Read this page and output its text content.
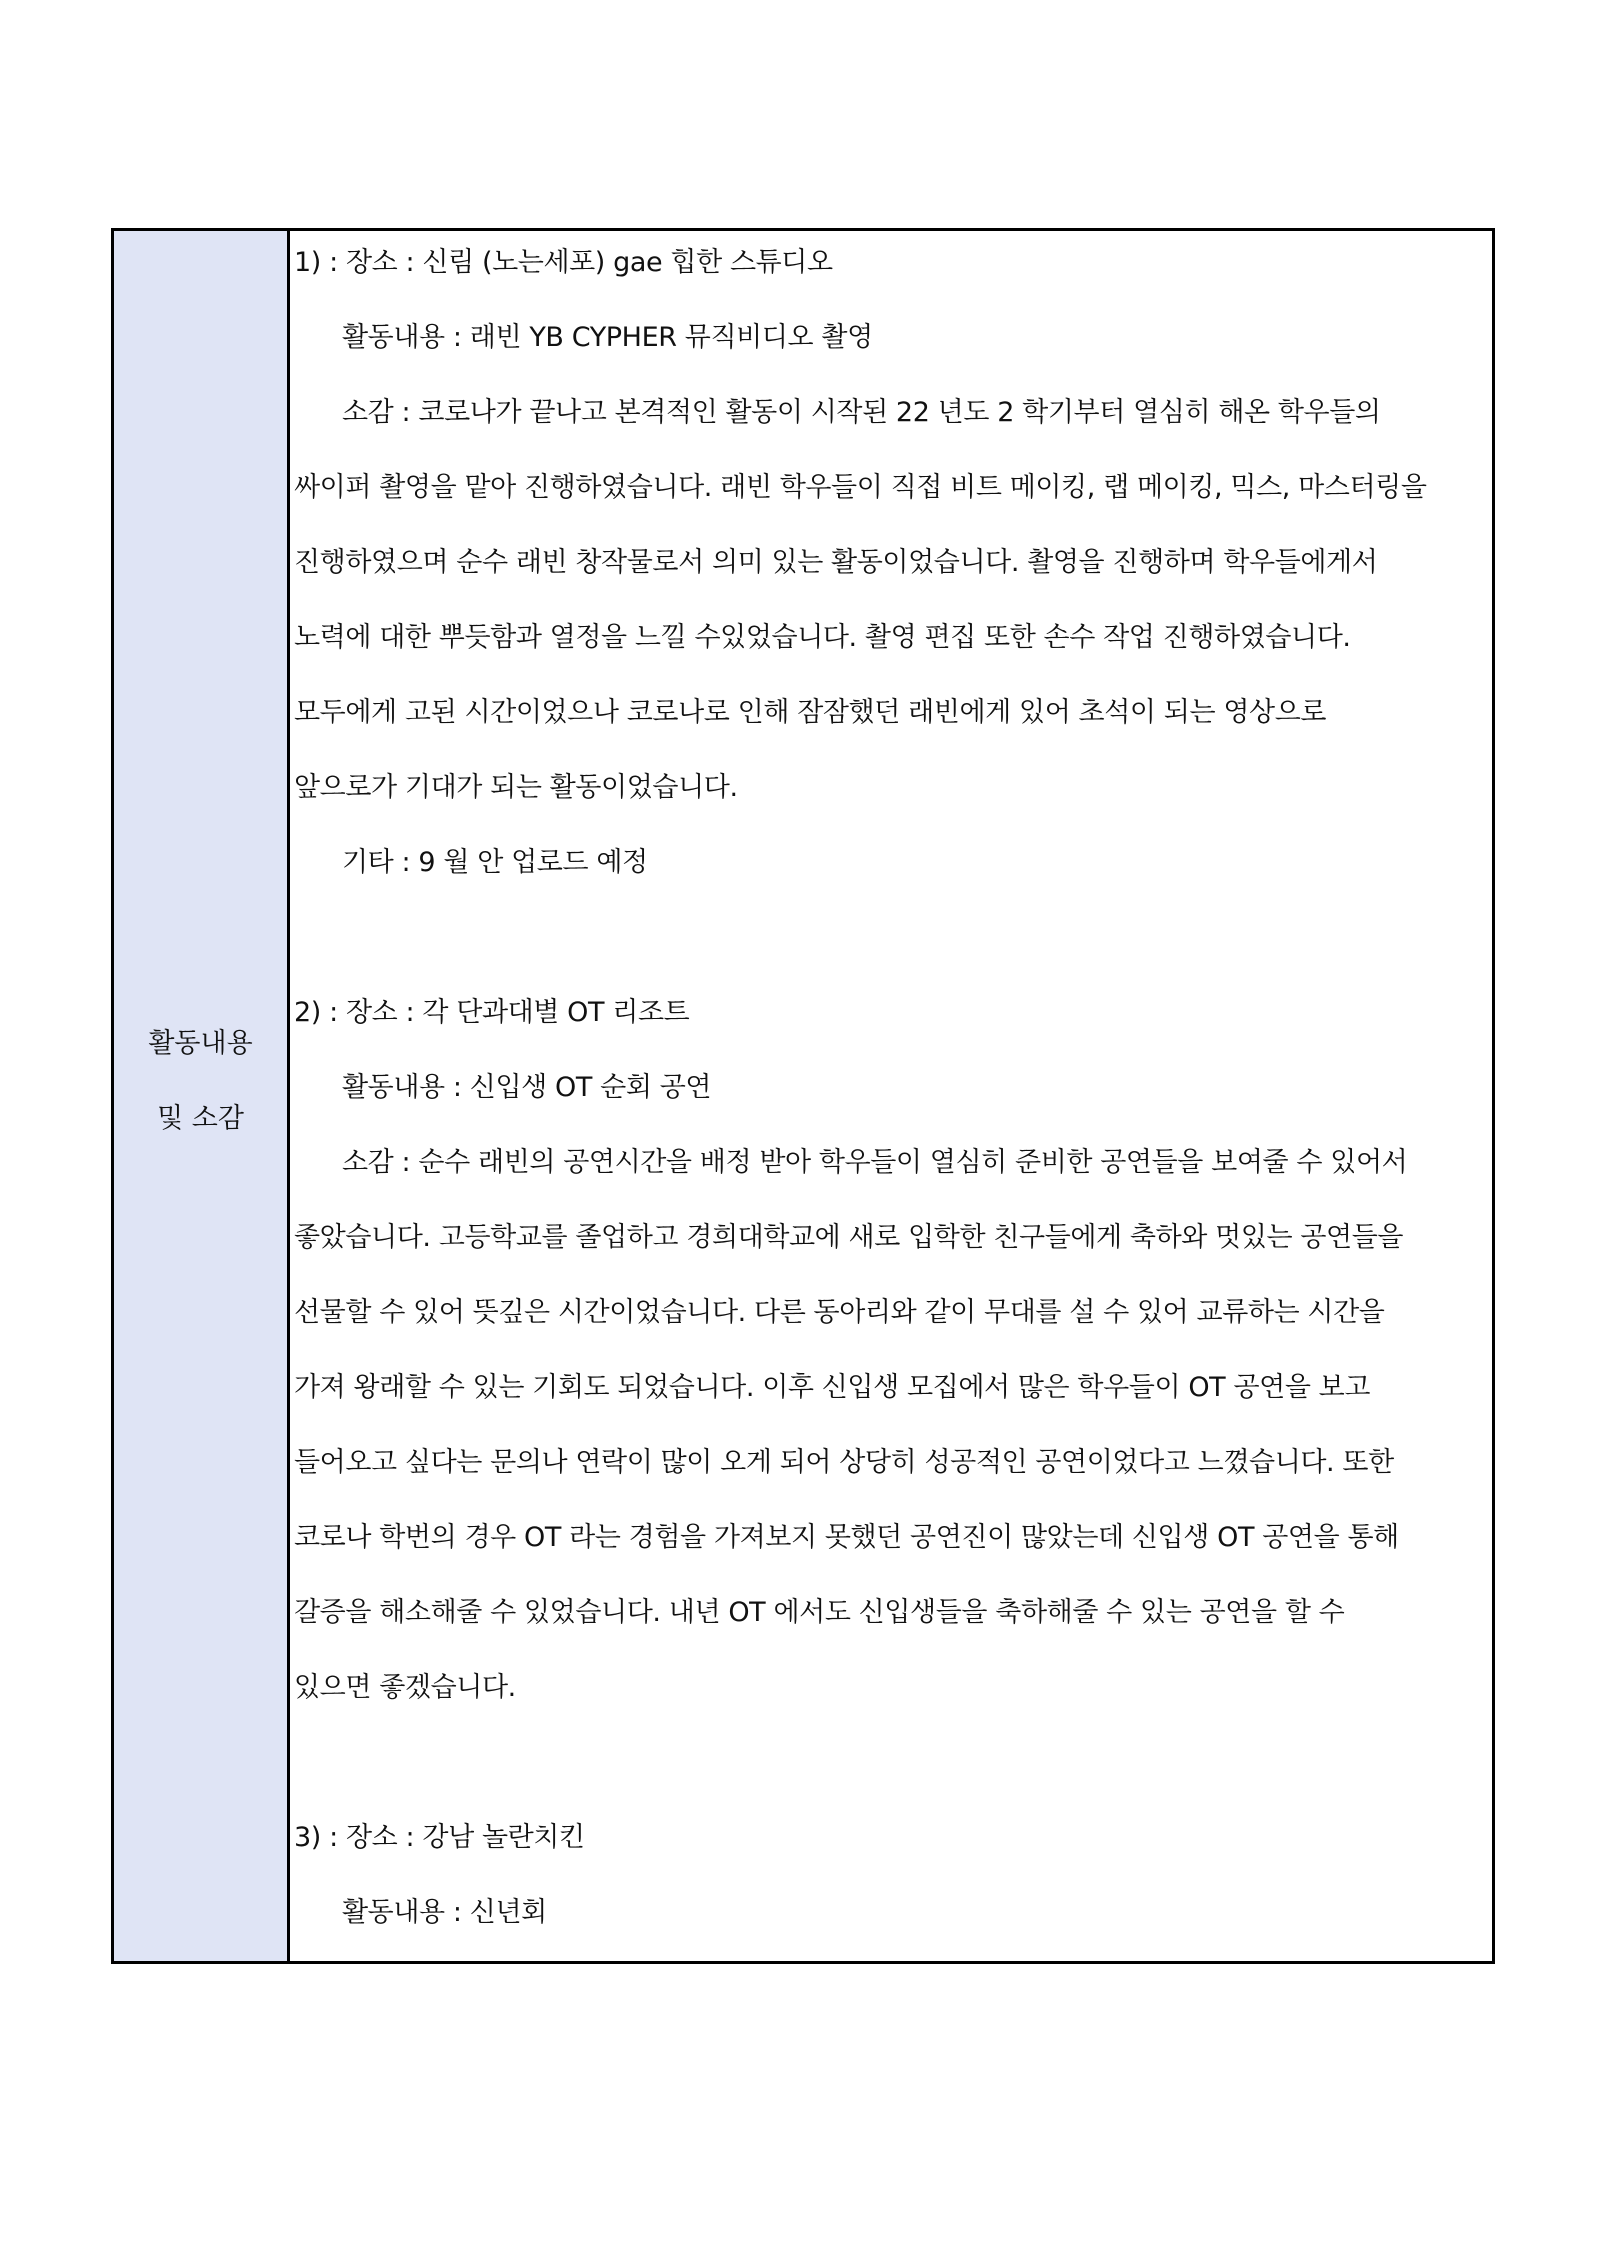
활동내용
및 소감
1) : 장소 : 신림 (노는세포) gae 힙한 스튜디오
활동내용 : 래빈 YB CYPHER 뮤직비디오 촬영
소감 : 코로나가 끝나고 본격적인 활동이 시작된 22 년도 2 학기부터 열심히 해온 학우들의
싸이퍼 촬영을 맡아 진행하였습니다. 래빈 학우들이 직접 비트 메이킹, 랩 메이킹, 믹스, 마스터링을
진행하였으며 순수 래빈 창작물로서 의미 있는 활동이었습니다. 촬영을 진행하며 학우들에게서
노력에 대한 뿌듯함과 열정을 느낄 수있었습니다. 촬영 편집 또한 손수 작업 진행하였습니다.
모두에게 고된 시간이었으나 코로나로 인해 잠잠했던 래빈에게 있어 초석이 되는 영상으로
앞으로가 기대가 되는 활동이었습니다.
기타 : 9 월 안 업로드 예정
2) : 장소 : 각 단과대별 OT 리조트
활동내용 : 신입생 OT 순회 공연
소감 : 순수 래빈의 공연시간을 배정 받아 학우들이 열심히 준비한 공연들을 보여줄 수 있어서
좋았습니다. 고등학교를 졸업하고 경희대학교에 새로 입학한 친구들에게 축하와 멋있는 공연들을
선물할 수 있어 뜻깊은 시간이었습니다. 다른 동아리와 같이 무대를 설 수 있어 교류하는 시간을
가져 왕래할 수 있는 기회도 되었습니다. 이후 신입생 모집에서 많은 학우들이 OT 공연을 보고
들어오고 싶다는 문의나 연락이 많이 오게 되어 상당히 성공적인 공연이었다고 느꼈습니다. 또한
코로나 학번의 경우 OT 라는 경험을 가져보지 못했던 공연진이 많았는데 신입생 OT 공연을 통해
갈증을 해소해줄 수 있었습니다. 내년 OT 에서도 신입생들을 축하해줄 수 있는 공연을 할 수
있으면 좋겠습니다.
3) : 장소 : 강남 놀란치킨
활동내용 : 신년회
